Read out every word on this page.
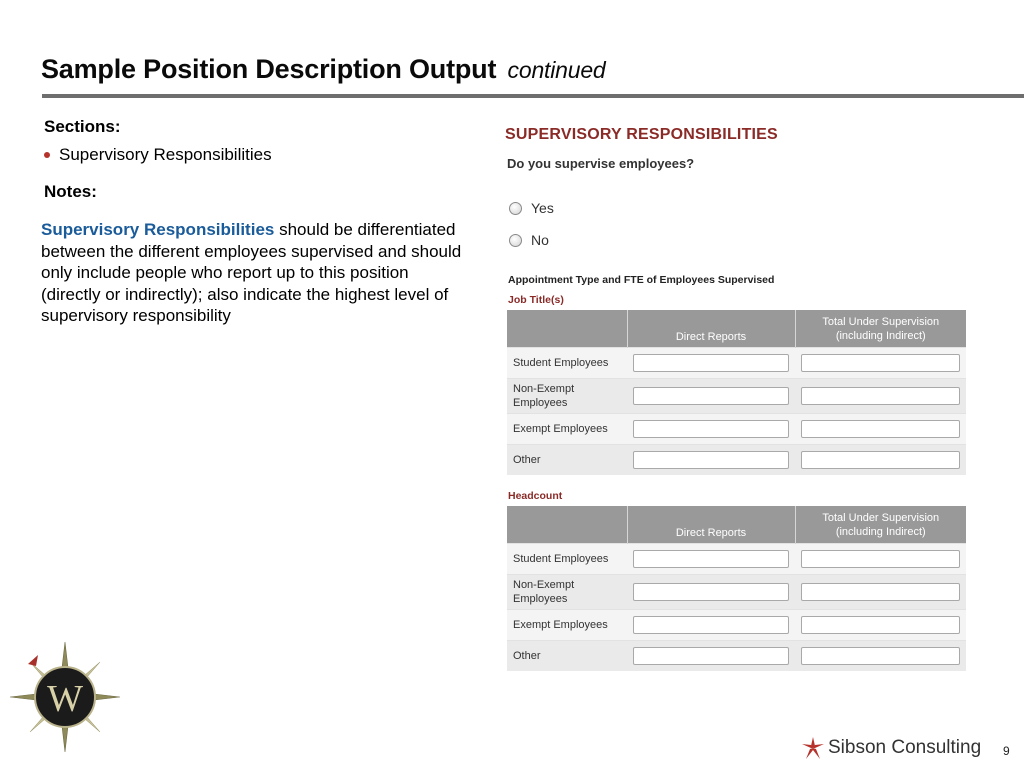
Sample Position Description Output continued
Sections:
Supervisory Responsibilities
Notes:
Supervisory Responsibilities should be differentiated between the different employees supervised and should only include people who report up to this position (directly or indirectly); also indicate the highest level of supervisory responsibility
SUPERVISORY RESPONSIBILITIES
Do you supervise employees?
Yes
No
Appointment Type and FTE of Employees Supervised
Job Title(s)
	Direct Reports	Total Under Supervision (including Indirect)
Student Employees		
Non-Exempt Employees		
Exempt Employees		
Other		
Headcount
	Direct Reports	Total Under Supervision (including Indirect)
Student Employees		
Non-Exempt Employees		
Exempt Employees		
Other		
W
Sibson Consulting 9
